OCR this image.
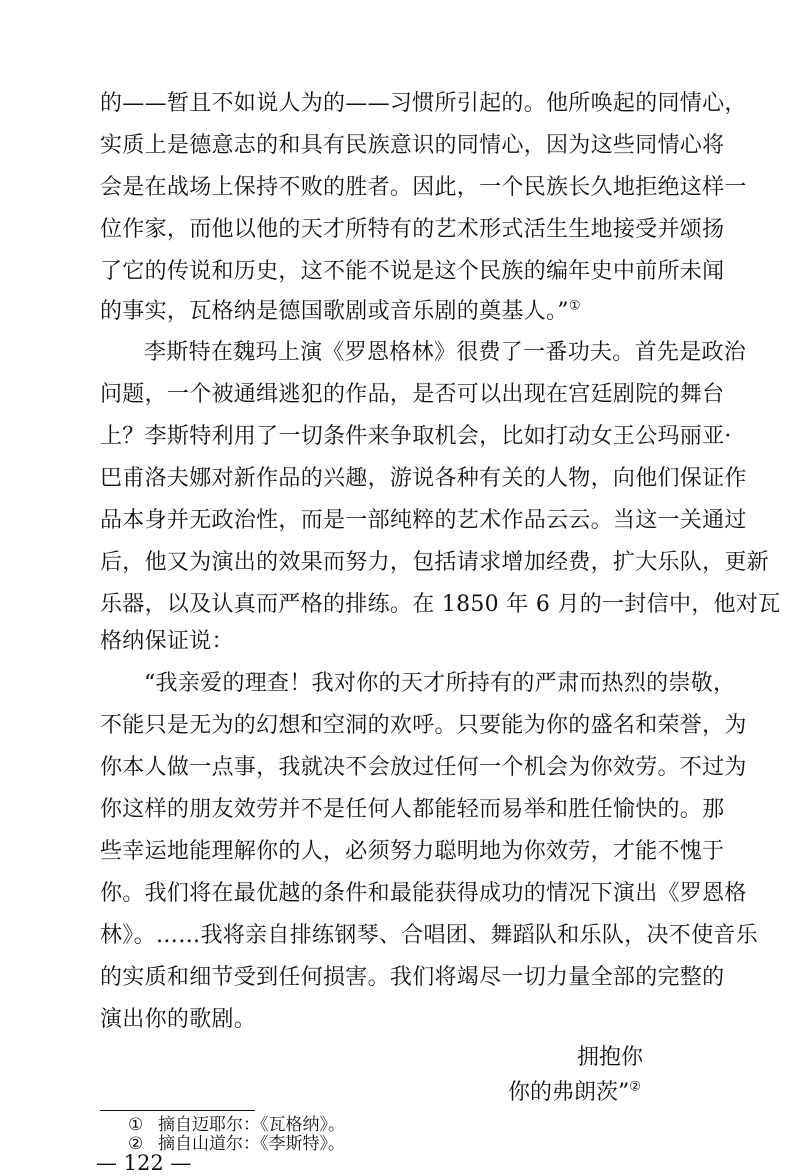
的——暂且不如说人为的——习惯所引起的。他所唤起的同情心，
实质上是德意志的和具有民族意识的同情心，因为这些同情心将
会是在战场上保持不败的胜者。因此，一个民族长久地拒绝这样一
位作家，而他以他的天才所特有的艺术形式活生生地接受并颂扬
了它的传说和历史，这不能不说是这个民族的编年史中前所未闻
的事实，瓦格纳是德国歌剧或音乐剧的奠基人。”①
李斯特在魏玛上演《罗恩格林》很费了一番功夫。首先是政治
问题，一个被通缉逃犯的作品，是否可以出现在宫廷剧院的舞台
上？李斯特利用了一切条件来争取机会，比如打动女王公玛丽亚·
巴甫洛夫娜对新作品的兴趣，游说各种有关的人物，向他们保证作
品本身并无政治性，而是一部纯粹的艺术作品云云。当这一关通过
后，他又为演出的效果而努力，包括请求增加经费，扩大乐队，更新
乐器，以及认真而严格的排练。在 1850 年 6 月的一封信中，他对瓦
格纳保证说：
“我亲爱的理查！我对你的天才所持有的严肃而热烈的崇敬，
不能只是无为的幻想和空洞的欢呼。只要能为你的盛名和荣誉，为
你本人做一点事，我就决不会放过任何一个机会为你效劳。不过为
你这样的朋友效劳并不是任何人都能轻而易举和胜任愉快的。那
些幸运地能理解你的人，必须努力聪明地为你效劳，才能不愧于
你。我们将在最优越的条件和最能获得成功的情况下演出《罗恩格
林》。……我将亲自排练钢琴、合唱团、舞蹈队和乐队，决不使音乐
的实质和细节受到任何损害。我们将竭尽一切力量全部的完整的
演出你的歌剧。
拥抱你
你的弗朗茨”②
① 摘自迈耶尔：《瓦格纳》。
② 摘自山道尔：《李斯特》。
— 122 —
